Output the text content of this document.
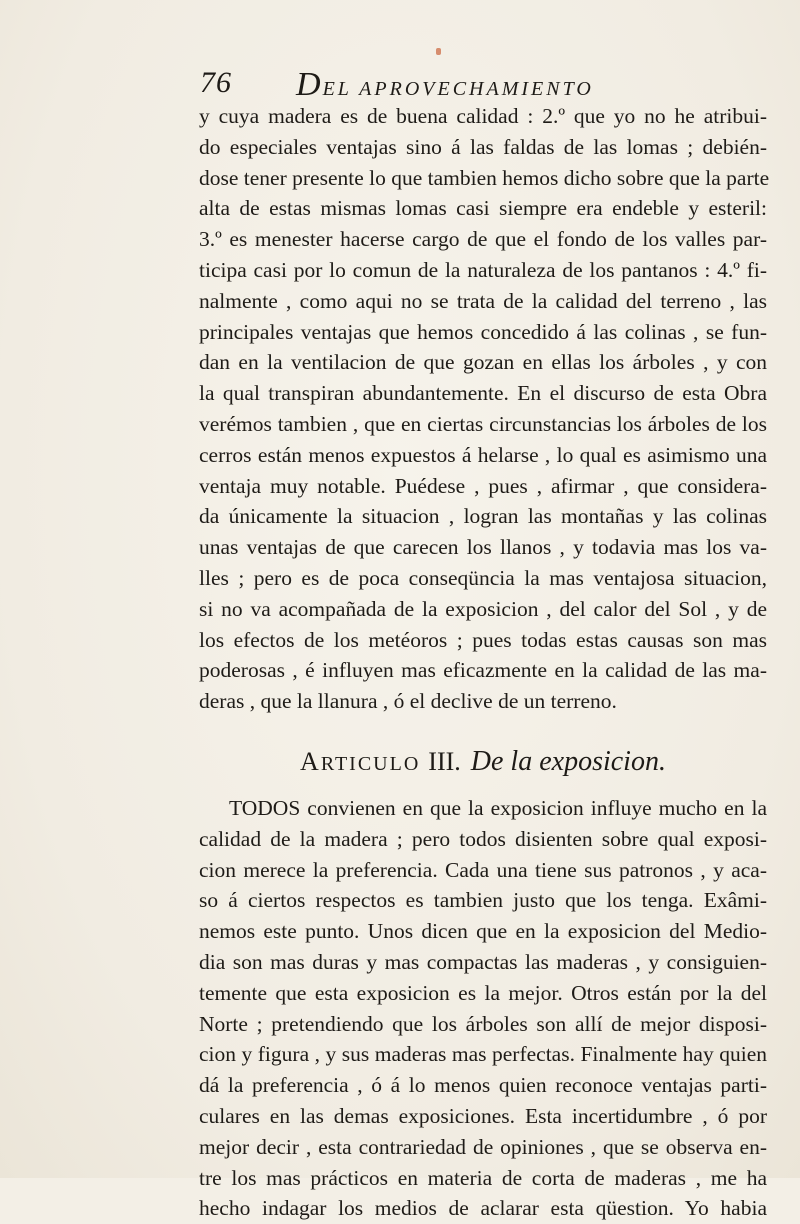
76 DEL APROVECHAMIENTO
y cuya madera es de buena calidad : 2.º que yo no he atribui-
do especiales ventajas sino á las faldas de las lomas ; debién-
dose tener presente lo que tambien hemos dicho sobre que la parte
alta de estas mismas lomas casi siempre era endeble y esteril:
3.º es menester hacerse cargo de que el fondo de los valles par-
ticipa casi por lo comun de la naturaleza de los pantanos : 4.º fi-
nalmente , como aqui no se trata de la calidad del terreno , las
principales ventajas que hemos concedido á las colinas , se fun-
dan en la ventilacion de que gozan en ellas los árboles , y con
la qual transpiran abundantemente. En el discurso de esta Obra
verémos tambien , que en ciertas circunstancias los árboles de los
cerros están menos expuestos á helarse , lo qual es asimismo una
ventaja muy notable. Puédese , pues , afirmar , que considera-
da únicamente la situacion , logran las montañas y las colinas
unas ventajas de que carecen los llanos , y todavia mas los va-
lles ; pero es de poca conseqüncia la mas ventajosa situacion,
si no va acompañada de la exposicion , del calor del Sol , y de
los efectos de los metéoros ; pues todas estas causas son mas
poderosas , é influyen mas eficazmente en la calidad de las ma-
deras , que la llanura , ó el declive de un terreno.
ARTICULO III. De la exposicion.
TODOS convienen en que la exposicion influye mucho en la
calidad de la madera ; pero todos disienten sobre qual exposi-
cion merece la preferencia. Cada una tiene sus patronos , y aca-
so á ciertos respectos es tambien justo que los tenga. Exâmi-
nemos este punto. Unos dicen que en la exposicion del Medio-
dia son mas duras y mas compactas las maderas , y consiguien-
temente que esta exposicion es la mejor. Otros están por la del
Norte ; pretendiendo que los árboles son allí de mejor disposi-
cion y figura , y sus maderas mas perfectas. Finalmente hay quien
dá la preferencia , ó á lo menos quien reconoce ventajas parti-
culares en las demas exposiciones. Esta incertidumbre , ó por
mejor decir , esta contrariedad de opiniones , que se observa en-
tre los mas prácticos en materia de corta de maderas , me ha
hecho indagar los medios de aclarar esta qüestion. Yo habia
